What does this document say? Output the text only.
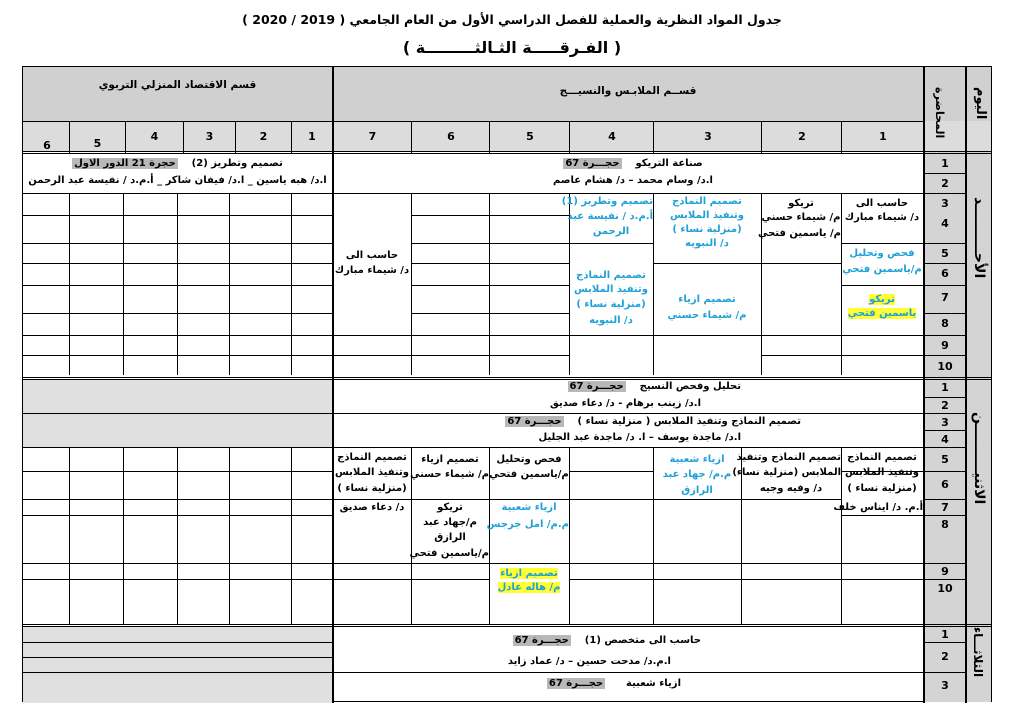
جدول المواد النظرية والعملية للفصل الدراسي الأول من العام الجامعي ( 2019 / 2020 )
( الفـرقـــــة الثـالثـــــــــة )
1
2
3
4
5
6
7
1
2
3
4
5
6
قســم الملابـس والنسيـــج
قسم الاقتصاد المنزلي التربوي
المحاضرة اليوم
الأحــــــــــد
الاثنيــــــــــن
الثلاثـــاء
1
2
3
4
5
6
7
8
9
10
1
2
3
4
5
6
7
8
9
10
1
2
3
صناعة التريكو    حجـــرة 67
ا.د/ وسام محمد – د/ هشام عاصم
تصميم وتطريز (2)    حجرة 21 الدور الاول
ا.د/ هبه ياسين _ ا.د/ فيفان شاكر _ أ.م.د / نفيسة عبد الرحمن
حاسب الى
د/ شيماء مبارك
فحص وتحليل
م/ياسمين فتحي
تريكو
ياسمين فتحي
تريكو
م/ شيماء حسني
م/ ياسمين فتحي
تصميم النماذج
وتنفيذ الملابس
(منزلية نساء )
د/ النبويه
تصميم ازياء
م/ شيماء حسني
تصميم وتطريز (1)
أ.م.د / نفيسة عبد
الرحمن
تصميم النماذج
وتنفيذ الملابس
(منزلية نساء )
د/ النبويه
حاسب الى
د/ شيماء مبارك
تحليل وفحص النسيج    حجـــرة 67
ا.د/ زينب برهام - د/ دعاء صديق
تصميم النماذج وتنفيذ الملابس ( منزلية نساء )    حجـــرة 67
ا.د/ ماجدة يوسف – ا. د/ ماجدة عبد الجليل
تصميم النماذج
وتنفيذ الملابس
(منزلية نساء )
أ.م. د/ ايناس خلف
تصميم النماذج وتنفيذ
الملابس (منزلية نساء)
د/ وفيه وجيه
ازياء شعبية
م.م/ جهاد عبد
الرازق
فحص وتحليل
م/ياسمين فتحي
ازياء شعبية
م.م/ امل جرجس
تصميم ازياء
م/ هاله عادل
تصميم ازياء
م/ شيماء حسني
تريكو
م/جهاد عبد
الرازق
م/ياسمين فتحي
تصميم النماذج
وتنفيذ الملابس
(منزلية نساء )
د/ دعاء صديق
حاسب الى متخصص (1)    حجـــرة 67
ا.م.د/ مدحت حسين – د/ عماد زايد
ازياء شعبية      حجـــرة 67
